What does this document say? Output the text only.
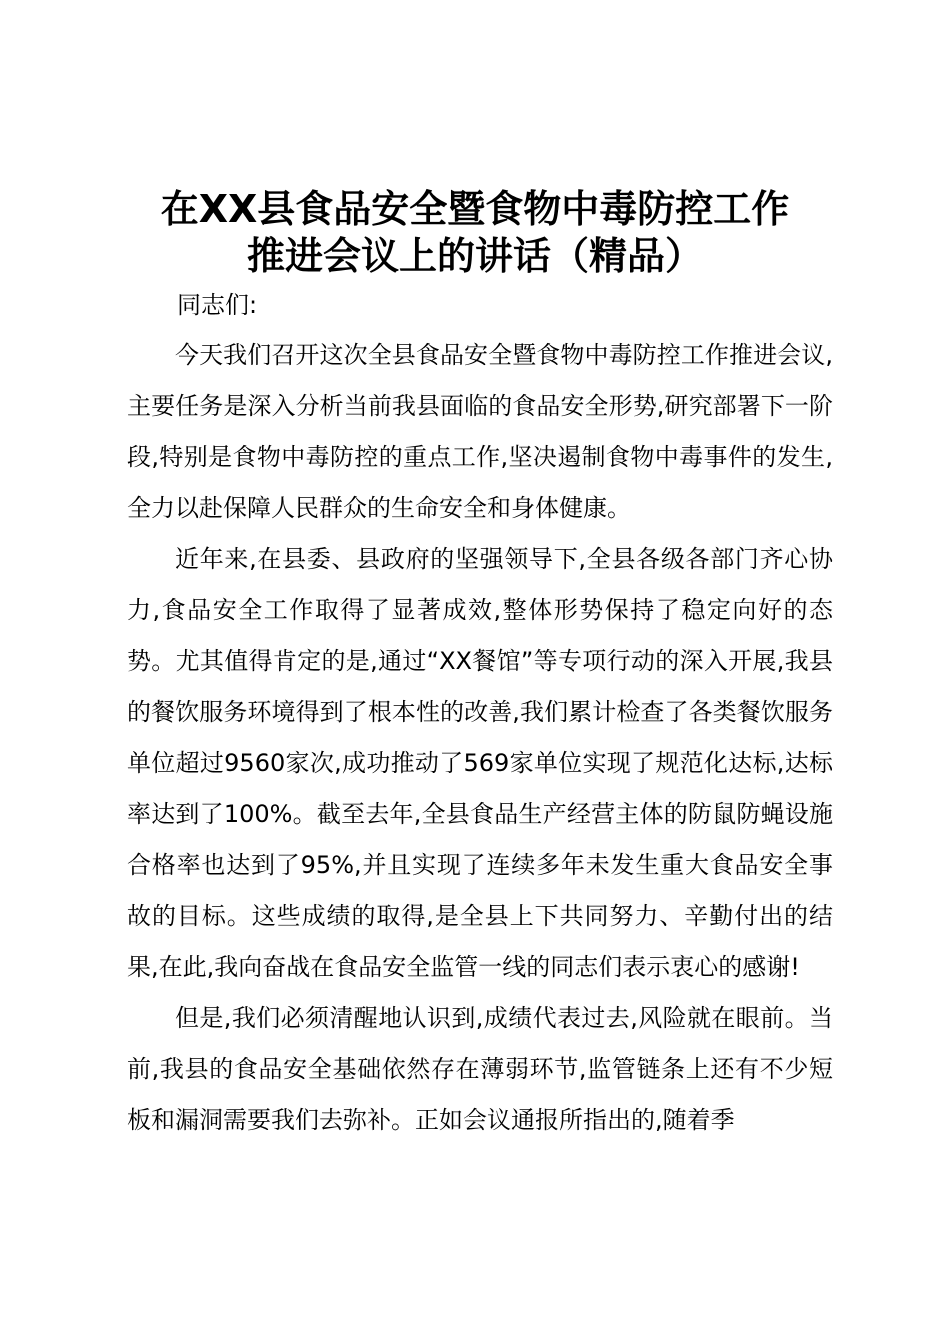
在XX县食品安全暨食物中毒防控工作
推进会议上的讲话（精品）

同志们:

今天我们召开这次全县食品安全暨食物中毒防控工作推进会议,主要任务是深入分析当前我县面临的食品安全形势,研究部署下一阶段,特别是食物中毒防控的重点工作,坚决遏制食物中毒事件的发生,全力以赴保障人民群众的生命安全和身体健康。

近年来,在县委、县政府的坚强领导下,全县各级各部门齐心协力,食品安全工作取得了显著成效,整体形势保持了稳定向好的态势。尤其值得肯定的是,通过“XX餐馆”等专项行动的深入开展,我县的餐饮服务环境得到了根本性的改善,我们累计检查了各类餐饮服务单位超过9560家次,成功推动了569家单位实现了规范化达标,达标率达到了100%。截至去年,全县食品生产经营主体的防鼠防蝇设施合格率也达到了95%,并且实现了连续多年未发生重大食品安全事故的目标。这些成绩的取得,是全县上下共同努力、辛勤付出的结果,在此,我向奋战在食品安全监管一线的同志们表示衷心的感谢!

但是,我们必须清醒地认识到,成绩代表过去,风险就在眼前。当前,我县的食品安全基础依然存在薄弱环节,监管链条上还有不少短板和漏洞需要我们去弥补。正如会议通报所指出的,随着季
